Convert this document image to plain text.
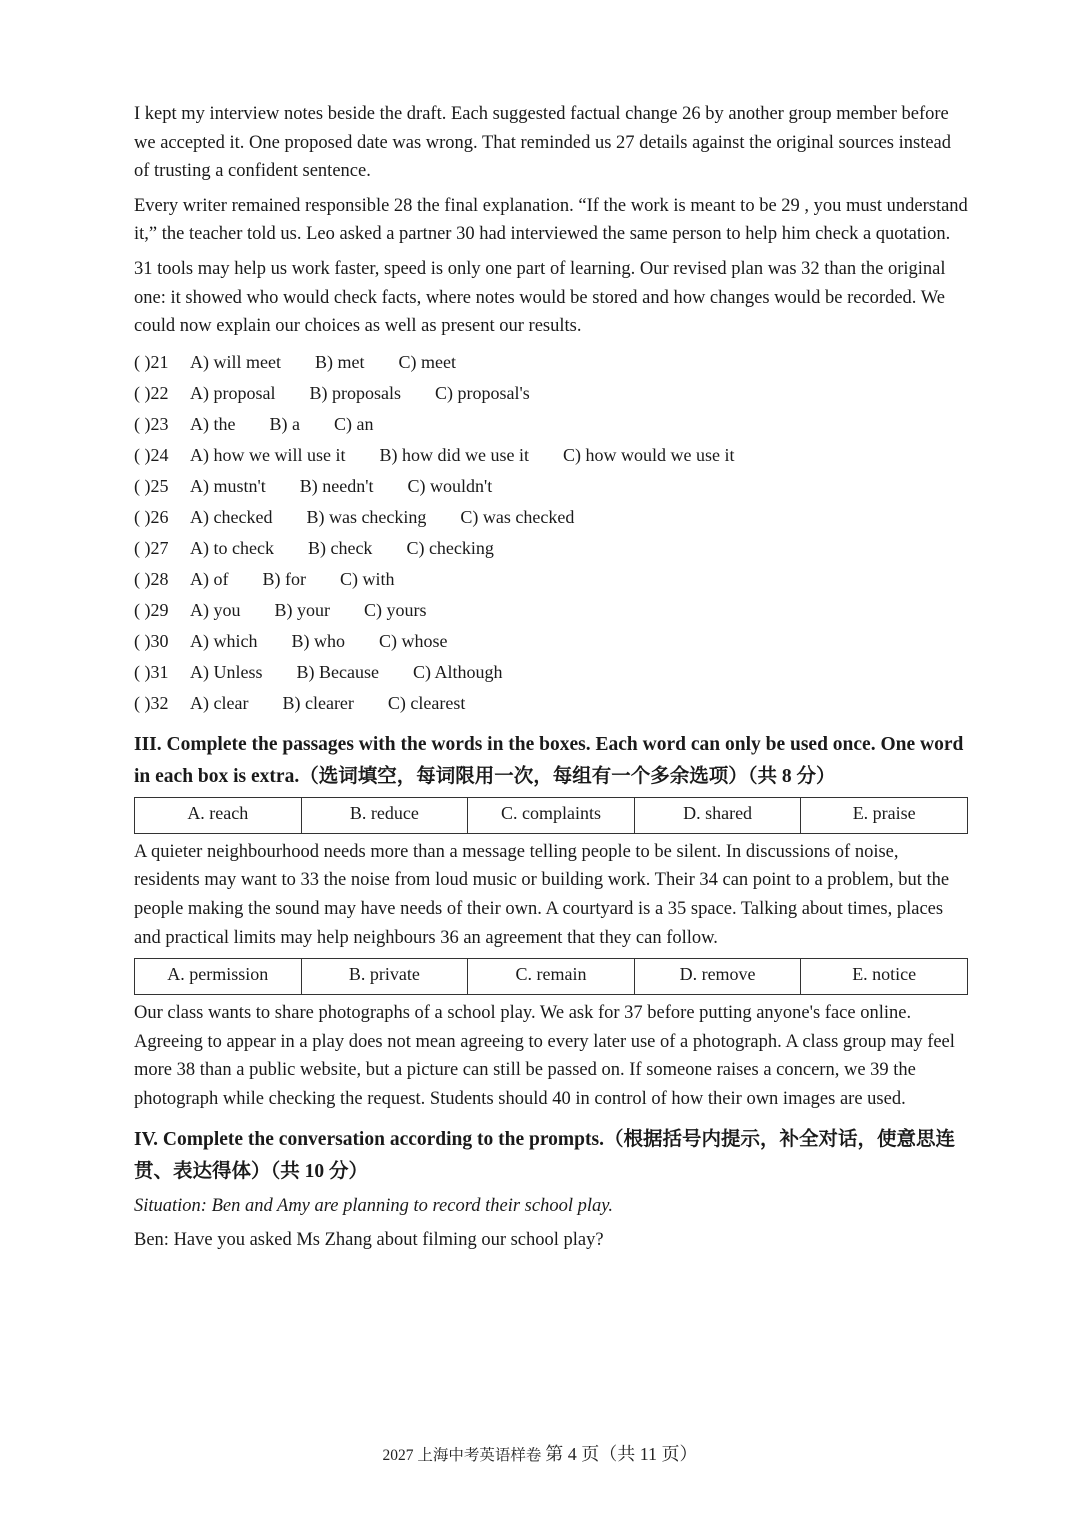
I kept my interview notes beside the draft. Each suggested factual change 26 by another group member before we accepted it. One proposed date was wrong. That reminded us 27 details against the original sources instead of trusting a confident sentence.

Every writer remained responsible 28 the final explanation. “If the work is meant to be 29 , you must understand it,” the teacher told us. Leo asked a partner 30 had interviewed the same person to help him check a quotation.

31 tools may help us work faster, speed is only one part of learning. Our revised plan was 32 than the original one: it showed who would check facts, where notes would be stored and how changes would be recorded. We could now explain our choices as well as present our results.

( )21	A) will meet B) met C) meet
( )22	A) proposal B) proposals C) proposal's
( )23	A) the B) a C) an
( )24	A) how we will use it B) how did we use it C) how would we use it
( )25	A) mustn't B) needn't C) wouldn't
( )26	A) checked B) was checking C) was checked
( )27	A) to check B) check C) checking
( )28	A) of B) for C) with
( )29	A) you B) your C) yours
( )30	A) which B) who C) whose
( )31	A) Unless B) Because C) Although
( )32	A) clear B) clearer C) clearest
III. Complete the passages with the words in the boxes. Each word can only be used once. One word in each box is extra.（选词填空，每词限用一次，每组有一个多余选项）（共 8 分）
A. reach	B. reduce	C. complaints	D. shared	E. praise

A quieter neighbourhood needs more than a message telling people to be silent. In discussions of noise, residents may want to 33 the noise from loud music or building work. Their 34 can point to a problem, but the people making the sound may have needs of their own. A courtyard is a 35 space. Talking about times, places and practical limits may help neighbours 36 an agreement that they can follow.

A. permission	B. private	C. remain	D. remove	E. notice

Our class wants to share photographs of a school play. We ask for 37 before putting anyone's face online. Agreeing to appear in a play does not mean agreeing to every later use of a photograph. A class group may feel more 38 than a public website, but a picture can still be passed on. If someone raises a concern, we 39 the photograph while checking the request. Students should 40 in control of how their own images are used.

IV. Complete the conversation according to the prompts.（根据括号内提示，补全对话，使意思连贯、表达得体）（共 10 分）

Situation: Ben and Amy are planning to record their school play.

Ben: Have you asked Ms Zhang about filming our school play?

2027 上海中考英语样卷 第 4 页（共 11 页）
